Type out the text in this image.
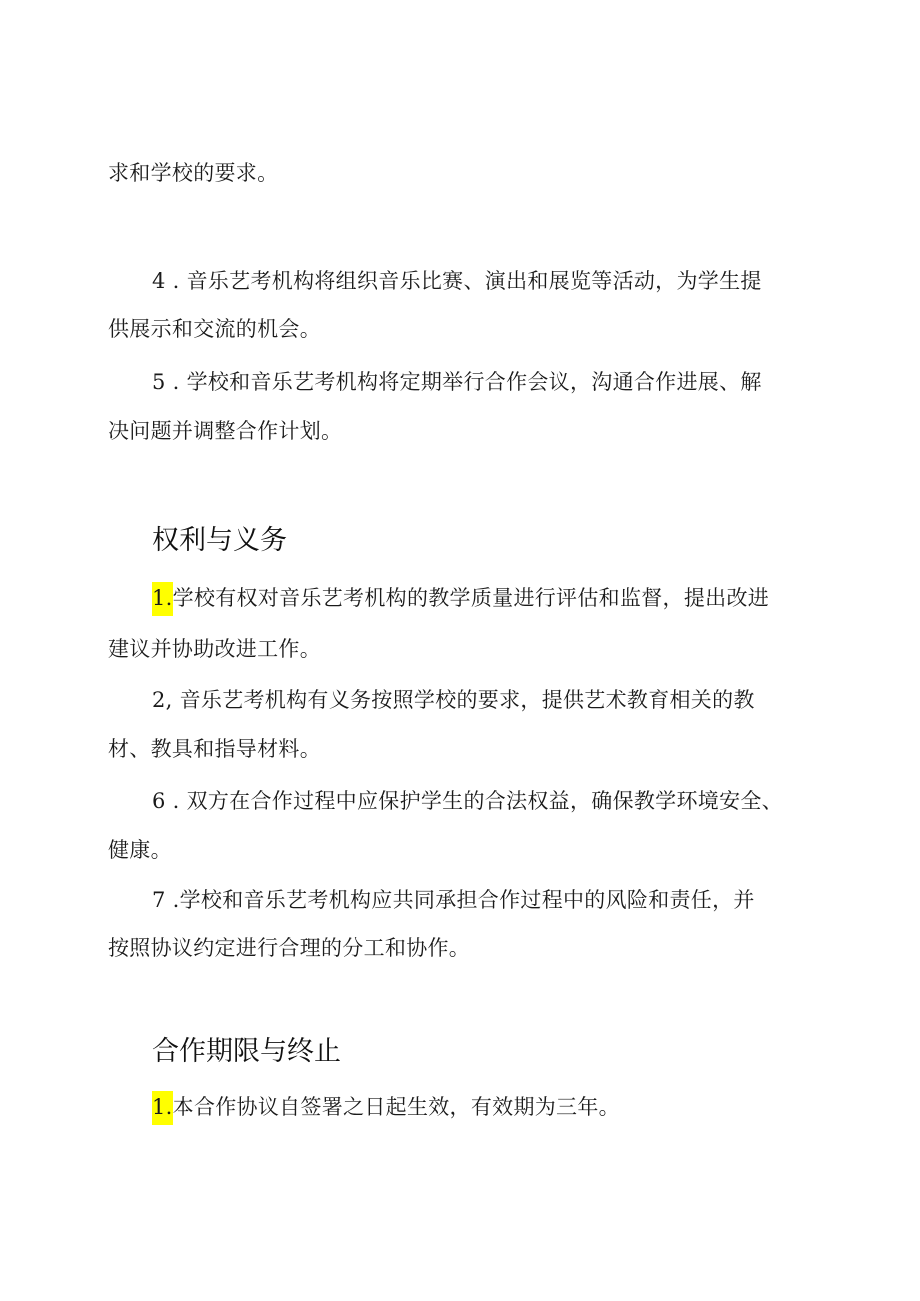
求和学校的要求。
4 . 音乐艺考机构将组织音乐比赛、演出和展览等活动，为学生提
供展示和交流的机会。
5 . 学校和音乐艺考机构将定期举行合作会议，沟通合作进展、解
决问题并调整合作计划。
权利与义务
1.学校有权对音乐艺考机构的教学质量进行评估和监督，提出改进
建议并协助改进工作。
2, 音乐艺考机构有义务按照学校的要求，提供艺术教育相关的教
材、教具和指导材料。
6 . 双方在合作过程中应保护学生的合法权益，确保教学环境安全、
健康。
7 .学校和音乐艺考机构应共同承担合作过程中的风险和责任，并
按照协议约定进行合理的分工和协作。
合作期限与终止
1.本合作协议自签署之日起生效，有效期为三年。
